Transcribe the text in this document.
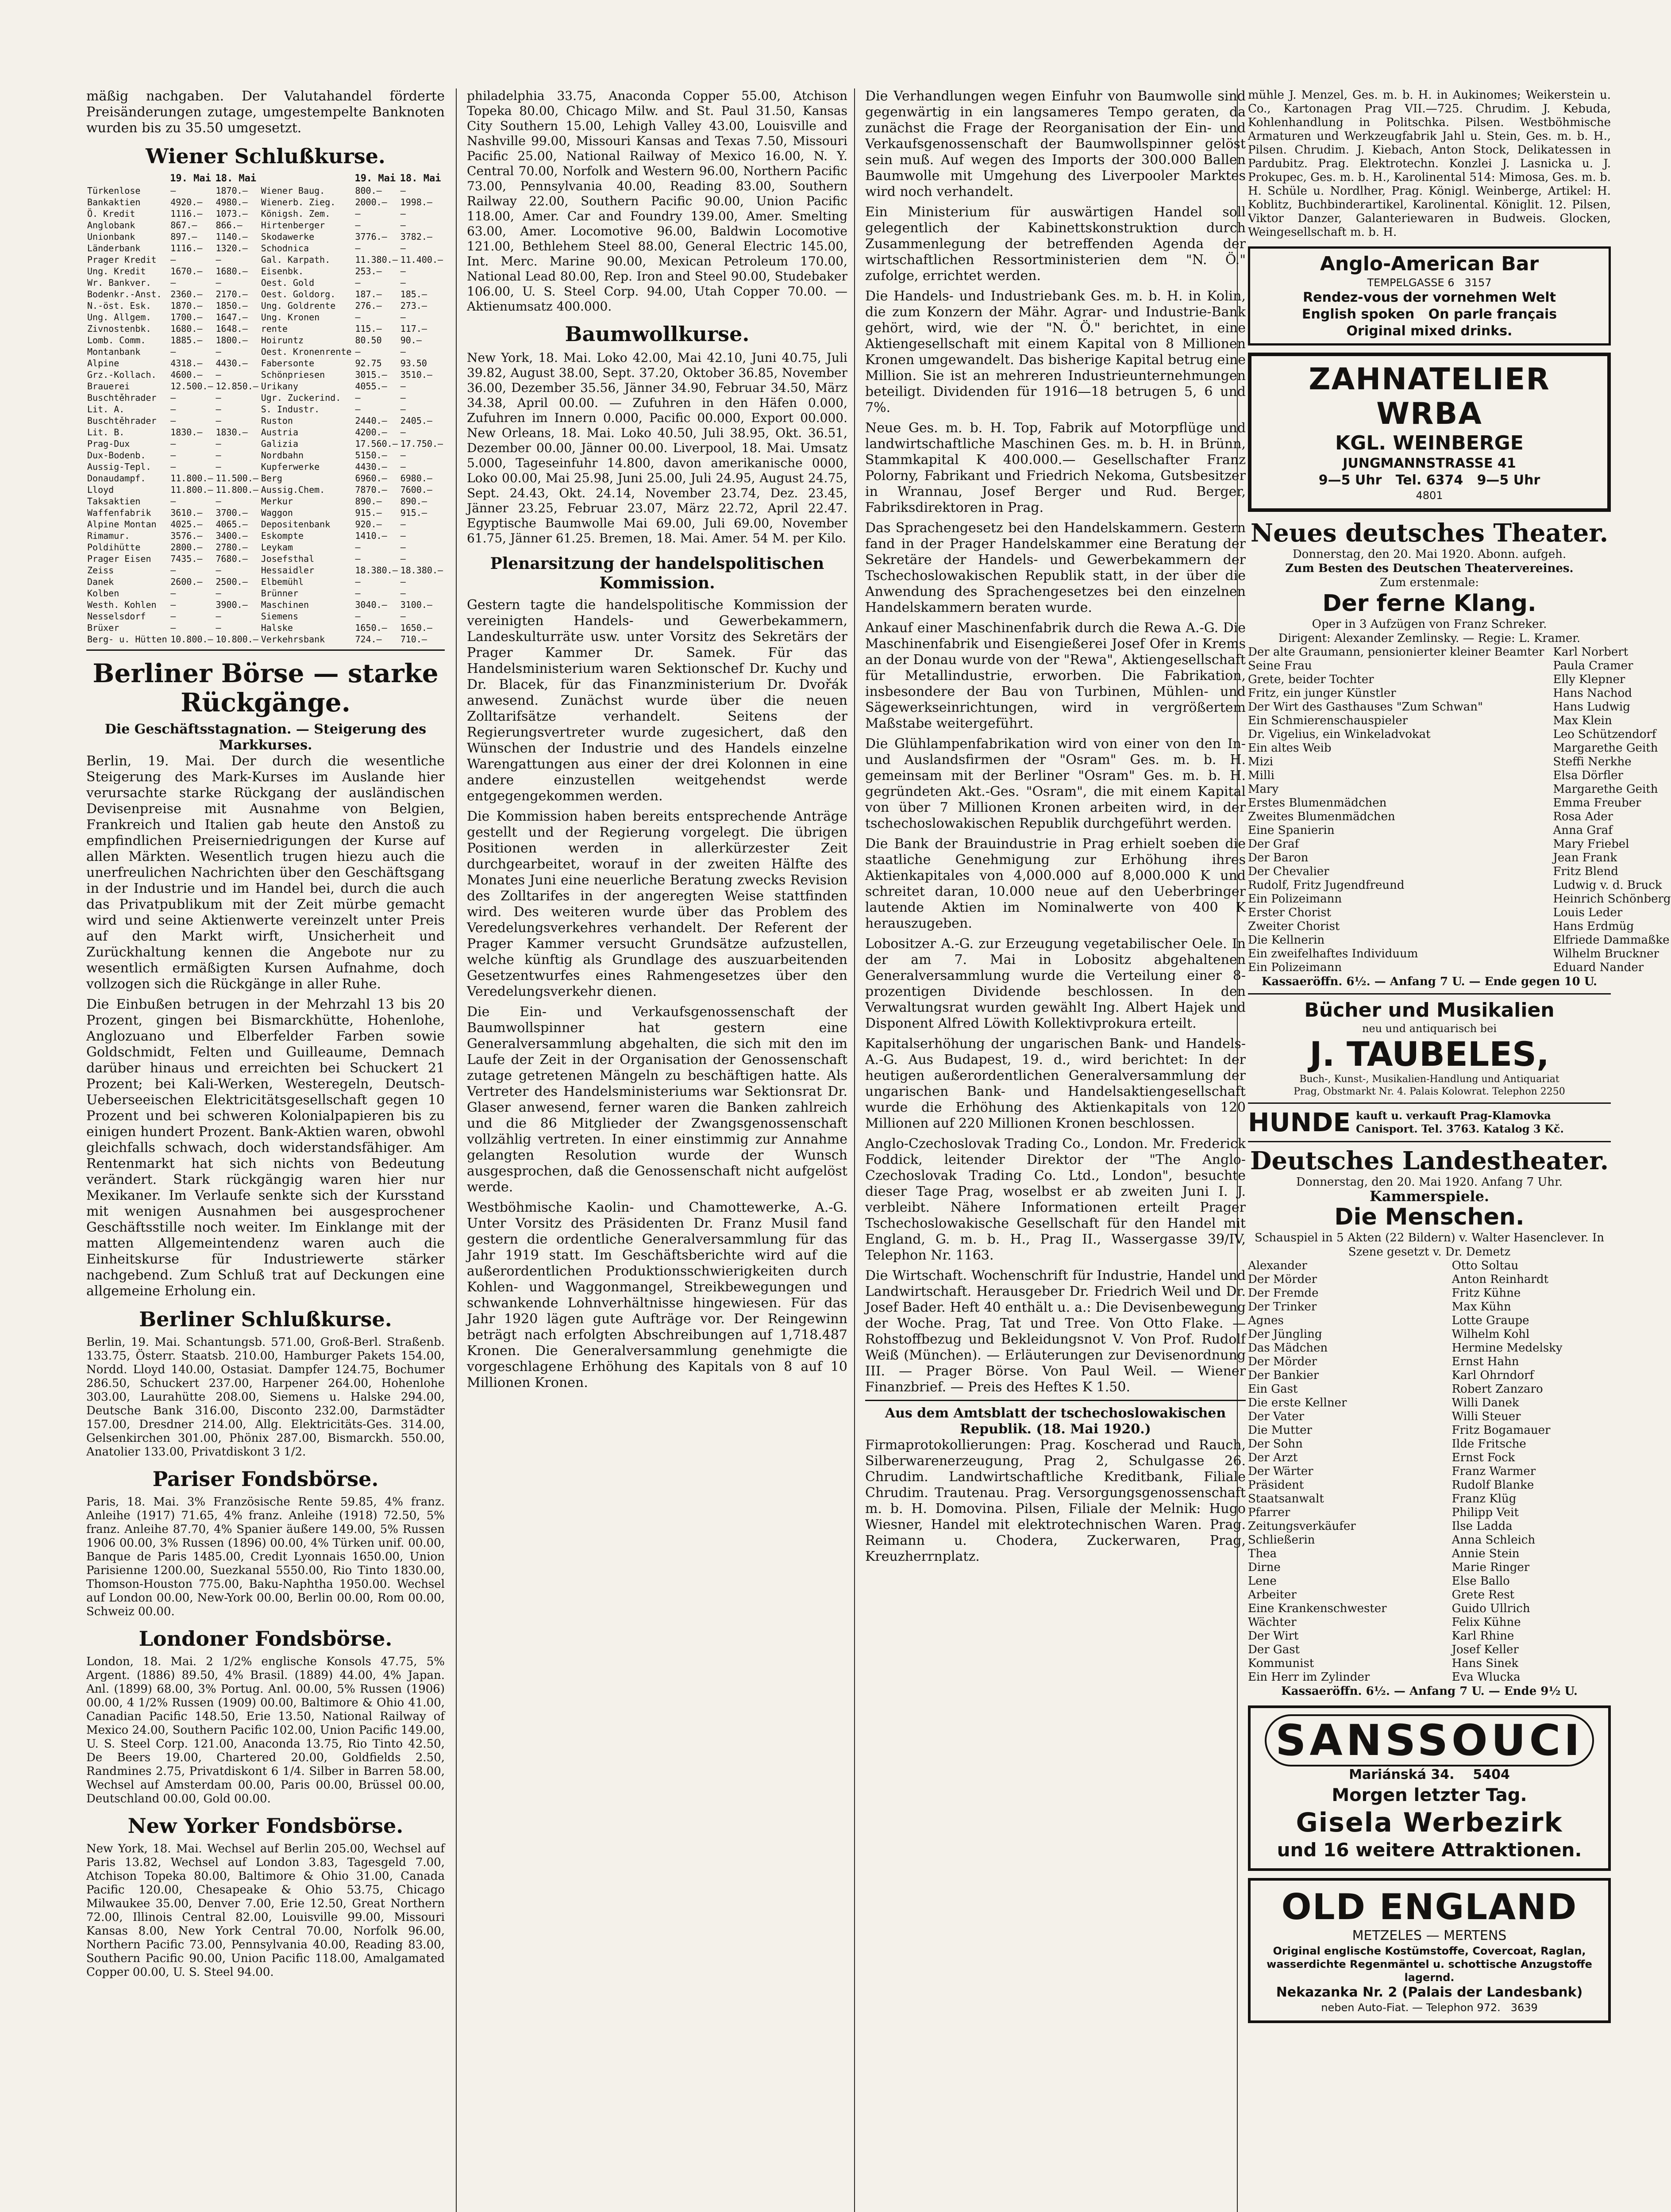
mäßig nachgaben. Der Valutahandel förderte Preisänderungen zutage, umgestempelte Banknoten wurden bis zu 35.50 umgesetzt.

Wiener Schlußkurse.
	19. Mai	18. Mai		19. Mai	18. Mai
Türkenlose	—	1870.—	Wiener Baug.	800.—	—
Bankaktien	4920.—	4980.—	Wienerb. Zieg.	2000.—	1998.—
Ö. Kredit	1116.—	1073.—	Königsh. Zem.	—	—
Anglobank	867.—	866.—	Hirtenberger	—	—
Unionbank	897.—	1140.—	Skodawerke	3776.—	3782.—
Länderbank	1116.—	1320.—	Schodnica	—	—
Prager Kredit	—	—	Gal. Karpath.	11.380.—	11.400.—
Ung. Kredit	1670.—	1680.—	Eisenbk.	253.—	—
Wr. Bankver.	—	—	Oest. Gold	—	—
Bodenkr.-Anst.	2360.—	2170.—	Oest. Goldorg.	187.—	185.—
N.-öst. Esk.	1870.—	1850.—	Ung. Goldrente	276.—	273.—
Ung. Allgem.	1700.—	1647.—	Ung. Kronen	—	—
Zivnostenbk.	1680.—	1648.—	rente	115.—	117.—
Lomb. Comm.	1885.—	1800.—	Hoiruntz	80.50	90.—
Montanbank	—	—	Oest. Kronenrente	—	—
Alpine	4318.—	4430.—	Fabersonte	92.75	93.50
Grz.-Kollach.	4600.—	—	Schönpriesen	3015.—	3510.—
Brauerei	12.500.—	12.850.—	Urikany	4055.—	—
Buschtěhrader	—	—	Ugr. Zuckerind.	—	—
Lit. A.	—	—	S. Industr.	—	—
Buschtěhrader	—	—	Ruston	2440.—	2405.—
Lit. B.	1830.—	1830.—	Austria	4200.—	—
Prag-Dux	—	—	Galizia	17.560.—	17.750.—
Dux-Bodenb.	—	—	Nordbahn	5150.—	—
Aussig-Tepl.	—	—	Kupferwerke	4430.—	—
Donaudampf.	11.800.—	11.500.—	Berg	6960.—	6980.—
Lloyd	11.800.—	11.800.—	Aussig.Chem.	7870.—	7600.—
Taksaktien	—	—	Merkur	890.—	890.—
Waffenfabrik	3610.—	3700.—	Waggon	915.—	915.—
Alpine Montan	4025.—	4065.—	Depositenbank	920.—	—
Rimamur.	3576.—	3400.—	Eskompte	1410.—	—
Poldihütte	2800.—	2780.—	Leykam	—	—
Prager Eisen	7435.—	7680.—	Josefsthal	—	—
Zeiss	—	—	Hessaidler	18.380.—	18.380.—
Danek	2600.—	2500.—	Elbemühl	—	—
Kolben	—	—	Brünner	—	—
Westh. Kohlen	—	3900.—	Maschinen	3040.—	3100.—
Nesselsdorf	—	—	Siemens	—	—
Brüxer	—	—	Halske	1650.—	1650.—
Berg- u. Hütten	10.800.—	10.800.—	Verkehrsbank	724.—	710.—
Berliner Börse — starke Rückgänge.
Die Geschäftsstagnation. — Steigerung des Markkurses.

Berlin, 19. Mai. Der durch die wesentliche Steigerung des Mark-Kurses im Auslande hier verursachte starke Rückgang der ausländischen Devisenpreise mit Ausnahme von Belgien, Frankreich und Italien gab heute den Anstoß zu empfindlichen Preiserniedrigungen der Kurse auf allen Märkten. Wesentlich trugen hiezu auch die unerfreulichen Nachrichten über den Geschäftsgang in der Industrie und im Handel bei, durch die auch das Privatpublikum mit der Zeit mürbe gemacht wird und seine Aktienwerte vereinzelt unter Preis auf den Markt wirft, Unsicherheit und Zurückhaltung kennen die Angebote nur zu wesentlich ermäßigten Kursen Aufnahme, doch vollzogen sich die Rückgänge in aller Ruhe.

Die Einbußen betrugen in der Mehrzahl 13 bis 20 Prozent, gingen bei Bismarckhütte, Hohenlohe, Anglozuano und Elberfelder Farben sowie Goldschmidt, Felten und Guilleaume, Demnach darüber hinaus und erreichten bei Schuckert 21 Prozent; bei Kali-Werken, Westeregeln, Deutsch-Ueberseeischen Elektricitätsgesellschaft gegen 10 Prozent und bei schweren Kolonialpapieren bis zu einigen hundert Prozent. Bank-Aktien waren, obwohl gleichfalls schwach, doch widerstandsfähiger. Am Rentenmarkt hat sich nichts von Bedeutung verändert. Stark rückgängig waren hier nur Mexikaner. Im Verlaufe senkte sich der Kursstand mit wenigen Ausnahmen bei ausgesprochener Geschäftsstille noch weiter. Im Einklange mit der matten Allgemeintendenz waren auch die Einheitskurse für Industriewerte stärker nachgebend. Zum Schluß trat auf Deckungen eine allgemeine Erholung ein.

Berliner Schlußkurse.

Berlin, 19. Mai. Schantungsb. 571.00, Groß-Berl. Straßenb. 133.75, Österr. Staatsb. 210.00, Hamburger Pakets 154.00, Nordd. Lloyd 140.00, Ostasiat. Dampfer 124.75, Bochumer 286.50, Schuckert 237.00, Harpener 264.00, Hohenlohe 303.00, Laurahütte 208.00, Siemens u. Halske 294.00, Deutsche Bank 316.00, Disconto 232.00, Darmstädter 157.00, Dresdner 214.00, Allg. Elektricitäts-Ges. 314.00, Gelsenkirchen 301.00, Phönix 287.00, Bismarckh. 550.00, Anatolier 133.00, Privatdiskont 3 1/2.

Pariser Fondsbörse.

Paris, 18. Mai. 3% Französische Rente 59.85, 4% franz. Anleihe (1917) 71.65, 4% franz. Anleihe (1918) 72.50, 5% franz. Anleihe 87.70, 4% Spanier äußere 149.00, 5% Russen 1906 00.00, 3% Russen (1896) 00.00, 4% Türken unif. 00.00, Banque de Paris 1485.00, Credit Lyonnais 1650.00, Union Parisienne 1200.00, Suezkanal 5550.00, Rio Tinto 1830.00, Thomson-Houston 775.00, Baku-Naphtha 1950.00. Wechsel auf London 00.00, New-York 00.00, Berlin 00.00, Rom 00.00, Schweiz 00.00.

Londoner Fondsbörse.

London, 18. Mai. 2 1/2% englische Konsols 47.75, 5% Argent. (1886) 89.50, 4% Brasil. (1889) 44.00, 4% Japan. Anl. (1899) 68.00, 3% Portug. Anl. 00.00, 5% Russen (1906) 00.00, 4 1/2% Russen (1909) 00.00, Baltimore & Ohio 41.00, Canadian Pacific 148.50, Erie 13.50, National Railway of Mexico 24.00, Southern Pacific 102.00, Union Pacific 149.00, U. S. Steel Corp. 121.00, Anaconda 13.75, Rio Tinto 42.50, De Beers 19.00, Chartered 20.00, Goldfields 2.50, Randmines 2.75, Privatdiskont 6 1/4. Silber in Barren 58.00, Wechsel auf Amsterdam 00.00, Paris 00.00, Brüssel 00.00, Deutschland 00.00, Gold 00.00.

New Yorker Fondsbörse.

New York, 18. Mai. Wechsel auf Berlin 205.00, Wechsel auf Paris 13.82, Wechsel auf London 3.83, Tagesgeld 7.00, Atchison Topeka 80.00, Baltimore & Ohio 31.00, Canada Pacific 120.00, Chesapeake & Ohio 53.75, Chicago Milwaukee 35.00, Denver 7.00, Erie 12.50, Great Northern 72.00, Illinois Central 82.00, Louisville 99.00, Missouri Kansas 8.00, New York Central 70.00, Norfolk 96.00, Northern Pacific 73.00, Pennsylvania 40.00, Reading 83.00, Southern Pacific 90.00, Union Pacific 118.00, Amalgamated Copper 00.00, U. S. Steel 94.00.

philadelphia 33.75, Anaconda Copper 55.00, Atchison Topeka 80.00, Chicago Milw. and St. Paul 31.50, Kansas City Southern 15.00, Lehigh Valley 43.00, Louisville and Nashville 99.00, Missouri Kansas and Texas 7.50, Missouri Pacific 25.00, National Railway of Mexico 16.00, N. Y. Central 70.00, Norfolk and Western 96.00, Northern Pacific 73.00, Pennsylvania 40.00, Reading 83.00, Southern Railway 22.00, Southern Pacific 90.00, Union Pacific 118.00, Amer. Car and Foundry 139.00, Amer. Smelting 63.00, Amer. Locomotive 96.00, Baldwin Locomotive 121.00, Bethlehem Steel 88.00, General Electric 145.00, Int. Merc. Marine 90.00, Mexican Petroleum 170.00, National Lead 80.00, Rep. Iron and Steel 90.00, Studebaker 106.00, U. S. Steel Corp. 94.00, Utah Copper 70.00. — Aktienumsatz 400.000.

Baumwollkurse.

New York, 18. Mai. Loko 42.00, Mai 42.10, Juni 40.75, Juli 39.82, August 38.00, Sept. 37.20, Oktober 36.85, November 36.00, Dezember 35.56, Jänner 34.90, Februar 34.50, März 34.38, April 00.00. — Zufuhren in den Häfen 0.000, Zufuhren im Innern 0.000, Pacific 00.000, Export 00.000. New Orleans, 18. Mai. Loko 40.50, Juli 38.95, Okt. 36.51, Dezember 00.00, Jänner 00.00. Liverpool, 18. Mai. Umsatz 5.000, Tageseinfuhr 14.800, davon amerikanische 0000, Loko 00.00, Mai 25.98, Juni 25.00, Juli 24.95, August 24.75, Sept. 24.43, Okt. 24.14, November 23.74, Dez. 23.45, Jänner 23.25, Februar 23.07, März 22.72, April 22.47. Egyptische Baumwolle Mai 69.00, Juli 69.00, November 61.75, Jänner 61.25. Bremen, 18. Mai. Amer. 54 M. per Kilo.

Plenarsitzung der handelspolitischen Kommission.

Gestern tagte die handelspolitische Kommission der vereinigten Handels- und Gewerbekammern, Landeskulturräte usw. unter Vorsitz des Sekretärs der Prager Kammer Dr. Samek. Für das Handelsministerium waren Sektionschef Dr. Kuchy und Dr. Blacek, für das Finanzministerium Dr. Dvořák anwesend. Zunächst wurde über die neuen Zolltarifsätze verhandelt. Seitens der Regierungsvertreter wurde zugesichert, daß den Wünschen der Industrie und des Handels einzelne Warengattungen aus einer der drei Kolonnen in eine andere einzustellen weitgehendst werde entgegengekommen werden.

Die Kommission haben bereits entsprechende Anträge gestellt und der Regierung vorgelegt. Die übrigen Positionen werden in allerkürzester Zeit durchgearbeitet, worauf in der zweiten Hälfte des Monates Juni eine neuerliche Beratung zwecks Revision des Zolltarifes in der angeregten Weise stattfinden wird. Des weiteren wurde über das Problem des Veredelungsverkehres verhandelt. Der Referent der Prager Kammer versucht Grundsätze aufzustellen, welche künftig als Grundlage des auszuarbeitenden Gesetzentwurfes eines Rahmengesetzes über den Veredelungsverkehr dienen.

Die Ein- und Verkaufsgenossenschaft der Baumwollspinner hat gestern eine Generalversammlung abgehalten, die sich mit den im Laufe der Zeit in der Organisation der Genossenschaft zutage getretenen Mängeln zu beschäftigen hatte. Als Vertreter des Handelsministeriums war Sektionsrat Dr. Glaser anwesend, ferner waren die Banken zahlreich und die 86 Mitglieder der Zwangsgenossenschaft vollzählig vertreten. In einer einstimmig zur Annahme gelangten Resolution wurde der Wunsch ausgesprochen, daß die Genossenschaft nicht aufgelöst werde.

Westböhmische Kaolin- und Chamottewerke, A.-G. Unter Vorsitz des Präsidenten Dr. Franz Musil fand gestern die ordentliche Generalversammlung für das Jahr 1919 statt. Im Geschäftsberichte wird auf die außerordentlichen Produktionsschwierigkeiten durch Kohlen- und Waggonmangel, Streikbewegungen und schwankende Lohnverhältnisse hingewiesen. Für das Jahr 1920 lägen gute Aufträge vor. Der Reingewinn beträgt nach erfolgten Abschreibungen auf 1,718.487 Kronen. Die Generalversammlung genehmigte die vorgeschlagene Erhöhung des Kapitals von 8 auf 10 Millionen Kronen.

Die Verhandlungen wegen Einfuhr von Baumwolle sind gegenwärtig in ein langsameres Tempo geraten, da zunächst die Frage der Reorganisation der Ein- und Verkaufsgenossenschaft der Baumwollspinner gelöst sein muß. Auf wegen des Imports der 300.000 Ballen Baumwolle mit Umgehung des Liverpooler Marktes wird noch verhandelt.

Ein Ministerium für auswärtigen Handel soll gelegentlich der Kabinettskonstruktion durch Zusammenlegung der betreffenden Agenda der wirtschaftlichen Ressortministerien dem "N. Ö." zufolge, errichtet werden.

Die Handels- und Industriebank Ges. m. b. H. in Kolin, die zum Konzern der Mähr. Agrar- und Industrie-Bank gehört, wird, wie der "N. Ö." berichtet, in eine Aktiengesellschaft mit einem Kapital von 8 Millionen Kronen umgewandelt. Das bisherige Kapital betrug eine Million. Sie ist an mehreren Industrieunternehmungen beteiligt. Dividenden für 1916—18 betrugen 5, 6 und 7%.

Neue Ges. m. b. H. Top, Fabrik auf Motorpflüge und landwirtschaftliche Maschinen Ges. m. b. H. in Brünn, Stammkapital K 400.000.— Gesellschafter Franz Polorny, Fabrikant und Friedrich Nekoma, Gutsbesitzer in Wrannau, Josef Berger und Rud. Berger, Fabriksdirektoren in Prag.

Das Sprachengesetz bei den Handelskammern. Gestern fand in der Prager Handelskammer eine Beratung der Sekretäre der Handels- und Gewerbekammern der Tschechoslowakischen Republik statt, in der über die Anwendung des Sprachengesetzes bei den einzelnen Handelskammern beraten wurde.

Ankauf einer Maschinenfabrik durch die Rewa A.-G. Die Maschinenfabrik und Eisengießerei Josef Ofer in Krems an der Donau wurde von der "Rewa", Aktiengesellschaft für Metallindustrie, erworben. Die Fabrikation, insbesondere der Bau von Turbinen, Mühlen- und Sägewerkseinrichtungen, wird in vergrößertem Maßstabe weitergeführt.

Die Glühlampenfabrikation wird von einer von den In- und Auslandsfirmen der "Osram" Ges. m. b. H. gemeinsam mit der Berliner "Osram" Ges. m. b. H. gegründeten Akt.-Ges. "Osram", die mit einem Kapital von über 7 Millionen Kronen arbeiten wird, in der tschechoslowakischen Republik durchgeführt werden.

Die Bank der Brauindustrie in Prag erhielt soeben die staatliche Genehmigung zur Erhöhung ihres Aktienkapitales von 4,000.000 auf 8,000.000 K und schreitet daran, 10.000 neue auf den Ueberbringer lautende Aktien im Nominalwerte von 400 K herauszugeben.

Lobositzer A.-G. zur Erzeugung vegetabilischer Oele. In der am 7. Mai in Lobositz abgehaltenen Generalversammlung wurde die Verteilung einer 8-prozentigen Dividende beschlossen. In den Verwaltungsrat wurden gewählt Ing. Albert Hajek und Disponent Alfred Löwith Kollektivprokura erteilt.

Kapitalserhöhung der ungarischen Bank- und Handels-A.-G. Aus Budapest, 19. d., wird berichtet: In der heutigen außerordentlichen Generalversammlung der ungarischen Bank- und Handelsaktiengesellschaft wurde die Erhöhung des Aktienkapitals von 120 Millionen auf 220 Millionen Kronen beschlossen.

Anglo-Czechoslovak Trading Co., London. Mr. Frederick Foddick, leitender Direktor der "The Anglo-Czechoslovak Trading Co. Ltd., London", besuchte dieser Tage Prag, woselbst er ab zweiten Juni I. J. verbleibt. Nähere Informationen erteilt Prager Tschechoslowakische Gesellschaft für den Handel mit England, G. m. b. H., Prag II., Wassergasse 39/IV, Telephon Nr. 1163.

Die Wirtschaft. Wochenschrift für Industrie, Handel und Landwirtschaft. Herausgeber Dr. Friedrich Weil und Dr. Josef Bader. Heft 40 enthält u. a.: Die Devisenbewegung der Woche. Prag, Tat und Tree. Von Otto Flake. — Rohstoffbezug und Bekleidungsnot V. Von Prof. Rudolf Weiß (München). — Erläuterungen zur Devisenordnung III. — Prager Börse. Von Paul Weil. — Wiener Finanzbrief. — Preis des Heftes K 1.50.

Aus dem Amtsblatt der tschechoslowakischen Republik. (18. Mai 1920.)

Firmaprotokollierungen: Prag. Koscherad und Rauch, Silberwarenerzeugung, Prag 2, Schulgasse 26. Chrudim. Landwirtschaftliche Kreditbank, Filiale Chrudim. Trautenau. Prag. Versorgungsgenossenschaft m. b. H. Domovina. Pilsen, Filiale der Melnik: Hugo Wiesner, Handel mit elektrotechnischen Waren. Prag. Reimann u. Chodera, Zuckerwaren, Prag, Kreuzherrnplatz.

mühle J. Menzel, Ges. m. b. H. in Aukinomes; Weikerstein u. Co., Kartonagen Prag VII.—725. Chrudim. J. Kebuda, Kohlenhandlung in Politschka. Pilsen. Westböhmische Armaturen und Werkzeugfabrik Jahl u. Stein, Ges. m. b. H., Pilsen. Chrudim. J. Kiebach, Anton Stock, Delikatessen in Pardubitz. Prag. Elektrotechn. Konzlei J. Lasnicka u. J. Prokupec, Ges. m. b. H., Karolinental 514: Mimosa, Ges. m. b. H. Schüle u. Nordlher, Prag. Königl. Weinberge, Artikel: H. Koblitz, Buchbinderartikel, Karolinental. Königlit. 12. Pilsen, Viktor Danzer, Galanteriewaren in Budweis. Glocken, Weingesellschaft m. b. H.

Anglo-American Bar
TEMPELGASSE 6 3157
Rendez-vous der vornehmen Welt
English spoken On parle français
Original mixed drinks.
ZAHNATELIER WRBA
KGL. WEINBERGE
JUNGMANNSTRASSE 41
9—5 Uhr Tel. 6374 9—5 Uhr
4801
Neues deutsches Theater.
Donnerstag, den 20. Mai 1920. Abonn. aufgeh.
Zum Besten des Deutschen Theatervereines.
Zum erstenmale:
Der ferne Klang.
Oper in 3 Aufzügen von Franz Schreker.
Dirigent: Alexander Zemlinsky. — Regie: L. Kramer.
Der alte Graumann, pensionierter kleiner Beamter	Karl Norbert
Seine Frau	Paula Cramer
Grete, beider Tochter	Elly Klepner
Fritz, ein junger Künstler	Hans Nachod
Der Wirt des Gasthauses "Zum Schwan"	Hans Ludwig
Ein Schmierenschauspieler	Max Klein
Dr. Vigelius, ein Winkeladvokat	Leo Schützendorf
Ein altes Weib	Margarethe Geith
Mizi	Steffi Nerkhe
Milli	Elsa Dörfler
Mary	Margarethe Geith
Erstes Blumenmädchen	Emma Freuber
Zweites Blumenmädchen	Rosa Ader
Eine Spanierin	Anna Graf
Der Graf	Mary Friebel
Der Baron	Jean Frank
Der Chevalier	Fritz Blend
Rudolf, Fritz Jugendfreund	Ludwig v. d. Bruck
Ein Polizeimann	Heinrich Schönberg
Erster Chorist	Louis Leder
Zweiter Chorist	Hans Erdmüg
Die Kellnerin	Elfriede Dammaßke
Ein zweifelhaftes Individuum	Wilhelm Bruckner
Ein Polizeimann	Eduard Nander
Kassaeröffn. 6½. — Anfang 7 U. — Ende gegen 10 U.
Bücher und Musikalien
neu und antiquarisch bei
J. TAUBELES,
Buch-, Kunst-, Musikalien-Handlung und Antiquariat
Prag, Obstmarkt Nr. 4. Palais Kolowrat. Telephon 2250
HUNDE kauft u. verkauft Prag-Klamovka Canisport. Tel. 3763. Katalog 3 Kč.
Deutsches Landestheater.
Donnerstag, den 20. Mai 1920. Anfang 7 Uhr.
Kammerspiele.
Die Menschen.
Schauspiel in 5 Akten (22 Bildern) v. Walter Hasenclever. In Szene gesetzt v. Dr. Demetz
Alexander	Otto Soltau
Der Mörder	Anton Reinhardt
Der Fremde	Fritz Kühne
Der Trinker	Max Kühn
Agnes	Lotte Graupe
Der Jüngling	Wilhelm Kohl
Das Mädchen	Hermine Medelsky
Der Mörder	Ernst Hahn
Der Bankier	Karl Ohrndorf
Ein Gast	Robert Zanzaro
Die erste Kellner	Willi Danek
Der Vater	Willi Steuer
Die Mutter	Fritz Bogamauer
Der Sohn	Ilde Fritsche
Der Arzt	Ernst Fock
Der Wärter	Franz Warmer
Präsident	Rudolf Blanke
Staatsanwalt	Franz Klüg
Pfarrer	Philipp Veit
Zeitungsverkäufer	Ilse Ladda
Schließerin	Anna Schleich
Thea	Annie Stein
Dirne	Marie Ringer
Lene	Else Ballo
Arbeiter	Grete Rest
Eine Krankenschwester	Guido Ullrich
Wächter	Felix Kühne
Der Wirt	Karl Rhine
Der Gast	Josef Keller
Kommunist	Hans Sinek
Ein Herr im Zylinder	Eva Wlucka
Kassaeröffn. 6½. — Anfang 7 U. — Ende 9½ U.
SANSSOUCI
Mariánská 34. 5404
Morgen letzter Tag.
Gisela Werbezirk
und 16 weitere Attraktionen.
OLD ENGLAND
METZELES — MERTENS
Original englische Kostümstoffe, Covercoat, Raglan, wasserdichte Regenmäntel u. schottische Anzugstoffe lagernd.
Nekazanka Nr. 2 (Palais der Landesbank)
neben Auto-Fiat. — Telephon 972. 3639
